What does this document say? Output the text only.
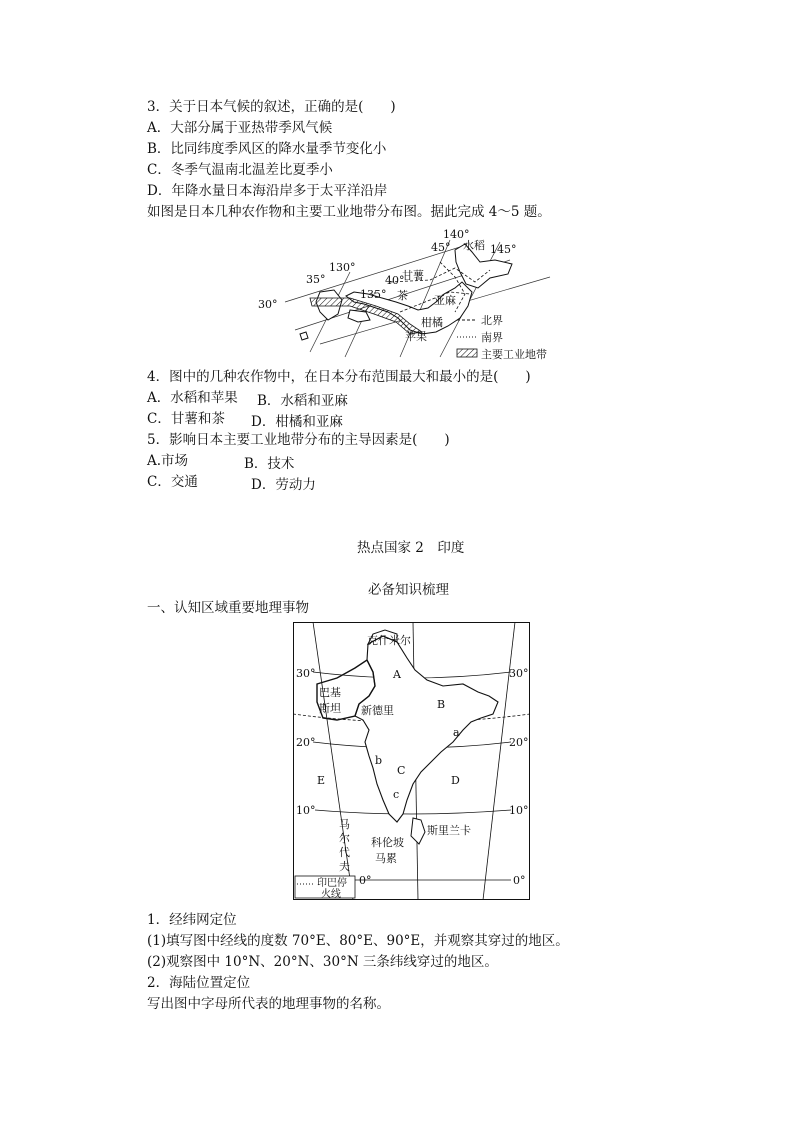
3．关于日本气候的叙述，正确的是(　　)
A．大部分属于亚热带季风气候
B．比同纬度季风区的降水量季节变化小
C．冬季气温南北温差比夏季小
D．年降水量日本海沿岸多于太平洋沿岸
如图是日本几种农作物和主要工业地带分布图。据此完成 4～5 题。
140°
45° 水稻 145°
40°
甘薯
茶 亚麻
130°
35°
135°
30°
柑橘
苹果
北界
南界
主要工业地带
4．图中的几种农作物中，在日本分布范围最大和最小的是(　　)
A．水稻和苹果 B．水稻和亚麻
C．甘薯和茶 D．柑橘和亚麻
5．影响日本主要工业地带分布的主导因素是(　　)
A.市场	B．技术
C．交通	D．劳动力
热点国家 2　印度
必备知识梳理
一、认知区域重要地理事物
克什米尔
巴基
斯坦 新德里
斯里兰卡
科伦坡
马
尔
代
夫
马累
印巴停
火线
30°	30°
20°	20°
10°	10°
0°	0°
A
B
C
D
E
a
b
c
1．经纬网定位
(1)填写图中经线的度数 70°E、80°E、90°E，并观察其穿过的地区。
(2)观察图中 10°N、20°N、30°N 三条纬线穿过的地区。
2．海陆位置定位
写出图中字母所代表的地理事物的名称。
